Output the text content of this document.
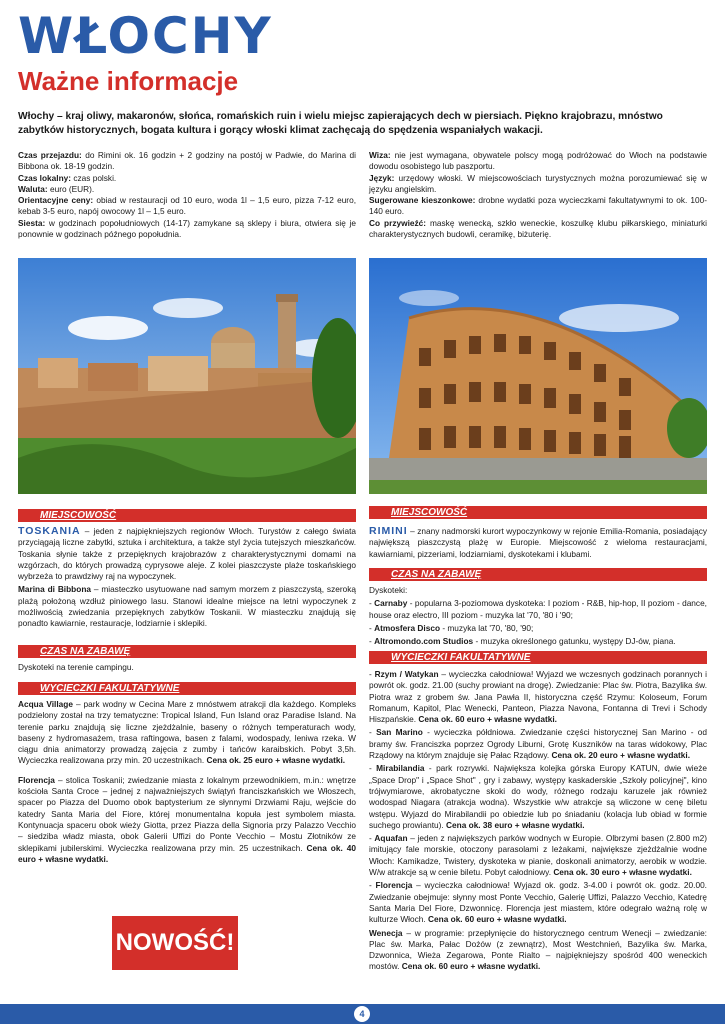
WŁOCHY
Ważne informacje
Włochy – kraj oliwy, makaronów, słońca, romańskich ruin i wielu miejsc zapierających dech w piersiach. Piękno krajobrazu, mnóstwo zabytków historycznych, bogata kultura i gorący włoski klimat zachęcają do spędzenia wspaniałych wakacji.

Czas przejazdu: do Rimini ok. 16 godzin + 2 godziny na postój w Padwie, do Marina di Bibbona ok. 18-19 godzin.

Czas lokalny: czas polski.

Waluta: euro (EUR).

Orientacyjne ceny: obiad w restauracji od 10 euro, woda 1l – 1,5 euro, pizza 7-12 euro, kebab 3-5 euro, napój owocowy 1l – 1,5 euro.

Siesta: w godzinach popołudniowych (14-17) zamykane są sklepy i biura, otwiera się je ponownie w godzinach późnego popołudnia.

Wiza: nie jest wymagana, obywatele polscy mogą podróżować do Włoch na podstawie dowodu osobistego lub paszportu.

Język: urzędowy włoski. W miejscowościach turystycznych można porozumiewać się w języku angielskim.

Sugerowane kieszonkowe: drobne wydatki poza wycieczkami fakultatywnymi to ok. 100-140 euro.

Co przywieźć: maskę wenecką, szkło weneckie, koszulkę klubu piłkarskiego, miniaturki charakterystycznych budowli, ceramikę, biżuterię.

MIEJSCOWOŚĆ

TOSKANIA – jeden z najpiękniejszych regionów Włoch. Turystów z całego świata przyciągają liczne zabytki, sztuka i architektura, a także styl życia tutejszych mieszkańców. Toskania słynie także z przepięknych krajobrazów z charakterystycznymi domami na wzgórzach, do których prowadzą cyprysowe aleje. Z kolei piaszczyste plaże toskańskiego wybrzeża to prawdziwy raj na wypoczynek.

Marina di Bibbona – miasteczko usytuowane nad samym morzem z piaszczystą, szeroką plażą położoną wzdłuż piniowego lasu. Stanowi idealne miejsce na letni wypoczynek z możliwością zwiedzania przepięknych zabytków Toskanii. W miasteczku znajdują się ponadto kawiarnie, restauracje, lodziarnie i sklepiki.

CZAS NA ZABAWĘ
Dyskoteki na terenie campingu.
WYCIECZKI FAKULTATYWNE

Acqua Village – park wodny w Cecina Mare z mnóstwem atrakcji dla każdego. Kompleks podzielony został na trzy tematyczne: Tropical Island, Fun Island oraz Paradise Island. Na terenie parku znajdują się liczne zjeżdżalnie, baseny o różnych temperaturach wody, baseny z hydromasażem, trasa raftingowa, basen z falami, wodospady, leniwa rzeka. W ciągu dnia animatorzy prowadzą zajęcia z zumby i tańców karaibskich. Pobyt 3,5h. Wycieczka realizowana przy min. 20 uczestnikach. Cena ok. 25 euro + własne wydatki.

Florencja – stolica Toskanii; zwiedzanie miasta z lokalnym przewodnikiem, m.in.: wnętrze kościoła Santa Croce – jednej z najważniejszych świątyń franciszkańskich we Włoszech, spacer po Piazza del Duomo obok baptysterium ze słynnymi Drzwiami Raju, wejście do katedry Santa Maria del Fiore, której monumentalna kopuła jest symbolem miasta. Kontynuacja spaceru obok wieży Giotta, przez Piazza della Signoria przy Palazzo Vecchio – siedziba władz miasta, obok Galerii Uffizi do Ponte Vecchio – Mostu Złotników ze sklepikami jubilerskimi. Wycieczka realizowana przy min. 25 uczestnikach. Cena ok. 40 euro + własne wydatki.

NOWOŚĆ!
MIEJSCOWOŚĆ

RIMINI – znany nadmorski kurort wypoczynkowy w rejonie Emilia-Romania, posiadający największą piaszczystą plażę w Europie. Miejscowość z wieloma restauracjami, kawiarniami, pizzeriami, lodziarniami, dyskotekami i klubami.

CZAS NA ZABAWĘ

Dyskoteki:

- Carnaby - popularna 3-poziomowa dyskoteka: I poziom - R&B, hip-hop, II poziom - dance, house oraz electro, III poziom - muzyka lat '70, '80 i '90;

- Atmosfera Disco - muzyka lat '70, '80, '90;

- Altromondo.com Studios - muzyka określonego gatunku, występy DJ-ów, piana.

WYCIECZKI FAKULTATYWNE

- Rzym / Watykan – wycieczka całodniowa! Wyjazd we wczesnych godzinach porannych i powrót ok. godz. 21.00 (suchy prowiant na drogę). Zwiedzanie: Plac św. Piotra, Bazylika św. Piotra wraz z grobem św. Jana Pawła II, historyczna część Rzymu: Koloseum, Forum Romanum, Kapitol, Plac Wenecki, Panteon, Piazza Navona, Fontanna di Trevi i Schody Hiszpańskie. Cena ok. 60 euro + własne wydatki.

- San Marino - wycieczka półdniowa. Zwiedzanie części historycznej San Marino - od bramy św. Franciszka poprzez Ogrody Liburni, Grotę Kuszników na taras widokowy, Plac Rządowy na którym znajduje się Pałac Rządowy. Cena ok. 20 euro + własne wydatki.

- Mirabilandia - park rozrywki. Największa kolejka górska Europy KATUN, dwie wieże „Space Drop" i „Space Shot" , gry i zabawy, występy kaskaderskie „Szkoły policyjnej", kino trójwymiarowe, akrobatyczne skoki do wody, różnego rodzaju karuzele jak również wodospad Niagara (atrakcja wodna). Wszystkie w/w atrakcje są wliczone w cenę biletu wstępu. Wyjazd do Mirabilandii po obiedzie lub po śniadaniu (kolacja lub obiad w formie suchego prowiantu). Cena ok. 38 euro + własne wydatki.

- Aquafan – jeden z największych parków wodnych w Europie. Olbrzymi basen (2.800 m2) imitujący fale morskie, otoczony parasolami z leżakami, największe zjeżdżalnie wodne Włoch: Kamikadze, Twistery, dyskoteka w pianie, doskonali animatorzy, aerobik w wodzie. W/w atrakcje są w cenie biletu. Pobyt całodniowy. Cena ok. 30 euro + własne wydatki.

- Florencja – wycieczka całodniowa! Wyjazd ok. godz. 3-4.00 i powrót ok. godz. 20.00. Zwiedzanie obejmuje: słynny most Ponte Vecchio, Galerię Uffizi, Palazzo Vecchio, Katedrę Santa Maria Del Fiore, Dzwonnicę. Florencja jest miastem, które odegrało ważną rolę w kulturze Włoch. Cena ok. 60 euro + własne wydatki.

Wenecja – w programie: przepłynięcie do historycznego centrum Wenecji – zwiedzanie: Plac św. Marka, Pałac Dożów (z zewnątrz), Most Westchnień, Bazylika św. Marka, Dzwonnica, Wieża Zegarowa, Ponte Rialto – najpiękniejszy spośród 400 weneckich mostów. Cena ok. 60 euro + własne wydatki.

4
